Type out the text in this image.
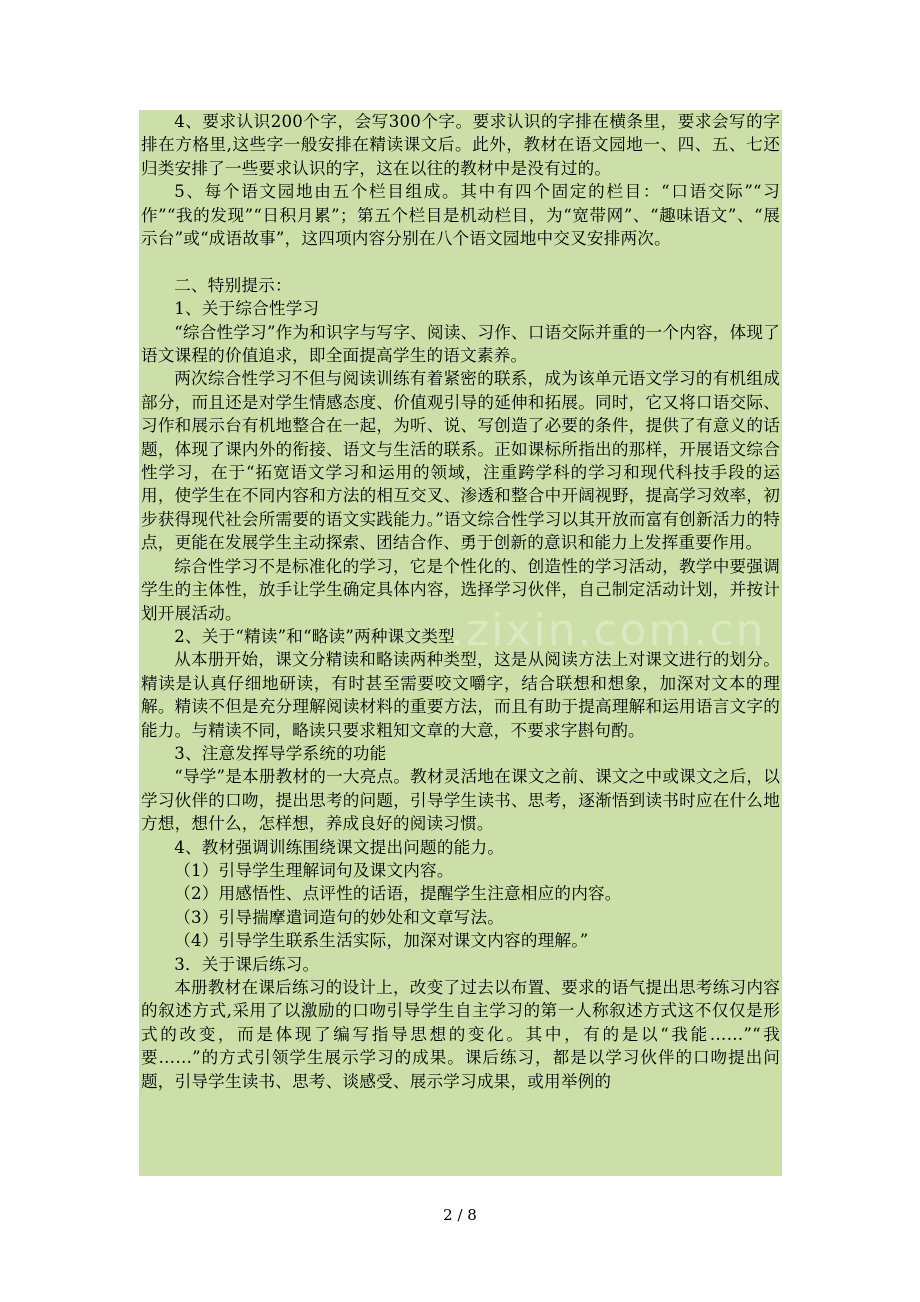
4、要求认识200个字，会写300个字。要求认识的字排在横条里，要求会写的字排在方格里,这些字一般安排在精读课文后。此外，教材在语文园地一、四、五、七还归类安排了一些要求认识的字，这在以往的教材中是没有过的。

5、每个语文园地由五个栏目组成。其中有四个固定的栏目：“口语交际”“习作”“我的发现”“日积月累”；第五个栏目是机动栏目，为“宽带网”、“趣味语文”、“展示台”或“成语故事”，这四项内容分别在八个语文园地中交叉安排两次。

二、特别提示：

1、关于综合性学习

“综合性学习”作为和识字与写字、阅读、习作、口语交际并重的一个内容，体现了语文课程的价值追求，即全面提高学生的语文素养。

两次综合性学习不但与阅读训练有着紧密的联系，成为该单元语文学习的有机组成部分，而且还是对学生情感态度、价值观引导的延伸和拓展。同时，它又将口语交际、习作和展示台有机地整合在一起，为听、说、写创造了必要的条件，提供了有意义的话题，体现了课内外的衔接、语文与生活的联系。正如课标所指出的那样，开展语文综合性学习，在于“拓宽语文学习和运用的领域，注重跨学科的学习和现代科技手段的运用，使学生在不同内容和方法的相互交叉、渗透和整合中开阔视野，提高学习效率，初步获得现代社会所需要的语文实践能力。”语文综合性学习以其开放而富有创新活力的特点，更能在发展学生主动探索、团结合作、勇于创新的意识和能力上发挥重要作用。

综合性学习不是标准化的学习，它是个性化的、创造性的学习活动，教学中要强调学生的主体性，放手让学生确定具体内容，选择学习伙伴，自己制定活动计划，并按计划开展活动。

2、关于“精读”和“略读”两种课文类型

从本册开始，课文分精读和略读两种类型，这是从阅读方法上对课文进行的划分。精读是认真仔细地研读，有时甚至需要咬文嚼字，结合联想和想象，加深对文本的理解。精读不但是充分理解阅读材料的重要方法，而且有助于提高理解和运用语言文字的能力。与精读不同，略读只要求粗知文章的大意，不要求字斟句酌。

3、注意发挥导学系统的功能

“导学”是本册教材的一大亮点。教材灵活地在课文之前、课文之中或课文之后，以学习伙伴的口吻，提出思考的问题，引导学生读书、思考，逐渐悟到读书时应在什么地方想，想什么，怎样想，养成良好的阅读习惯。

4、教材强调训练围绕课文提出问题的能力。

（1）引导学生理解词句及课文内容。

（2）用感悟性、点评性的话语，提醒学生注意相应的内容。

（3）引导揣摩遣词造句的妙处和文章写法。

（4）引导学生联系生活实际，加深对课文内容的理解。”

3．关于课后练习。

本册教材在课后练习的设计上，改变了过去以布置、要求的语气提出思考练习内容的叙述方式,采用了以激励的口吻引导学生自主学习的第一人称叙述方式这不仅仅是形式的改变，而是体现了编写指导思想的变化。其中，有的是以“我能……”“我要……”的方式引领学生展示学习的成果。课后练习，都是以学习伙伴的口吻提出问题，引导学生读书、思考、谈感受、展示学习成果，或用举例的

.zixin.com.cn
2 / 8
